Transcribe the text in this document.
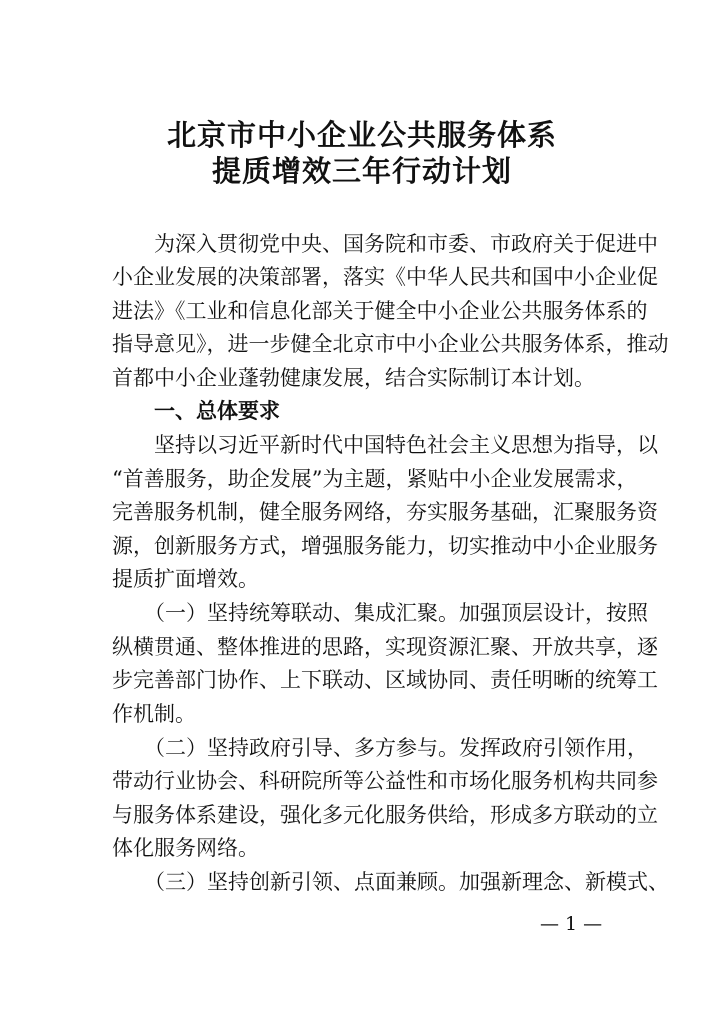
北京市中小企业公共服务体系
提质增效三年行动计划
为深入贯彻党中央、国务院和市委、市政府关于促进中
小企业发展的决策部署，落实《中华人民共和国中小企业促
进法》《工业和信息化部关于健全中小企业公共服务体系的
指导意见》，进一步健全北京市中小企业公共服务体系，推动
首都中小企业蓬勃健康发展，结合实际制订本计划。
一、总体要求
坚持以习近平新时代中国特色社会主义思想为指导，以
“首善服务，助企发展”为主题，紧贴中小企业发展需求，
完善服务机制，健全服务网络，夯实服务基础，汇聚服务资
源，创新服务方式，增强服务能力，切实推动中小企业服务
提质扩面增效。
（一）坚持统筹联动、集成汇聚。加强顶层设计，按照
纵横贯通、整体推进的思路，实现资源汇聚、开放共享，逐
步完善部门协作、上下联动、区域协同、责任明晰的统筹工
作机制。
（二）坚持政府引导、多方参与。发挥政府引领作用，
带动行业协会、科研院所等公益性和市场化服务机构共同参
与服务体系建设，强化多元化服务供给，形成多方联动的立
体化服务网络。
（三）坚持创新引领、点面兼顾。加强新理念、新模式、
— 1 —
